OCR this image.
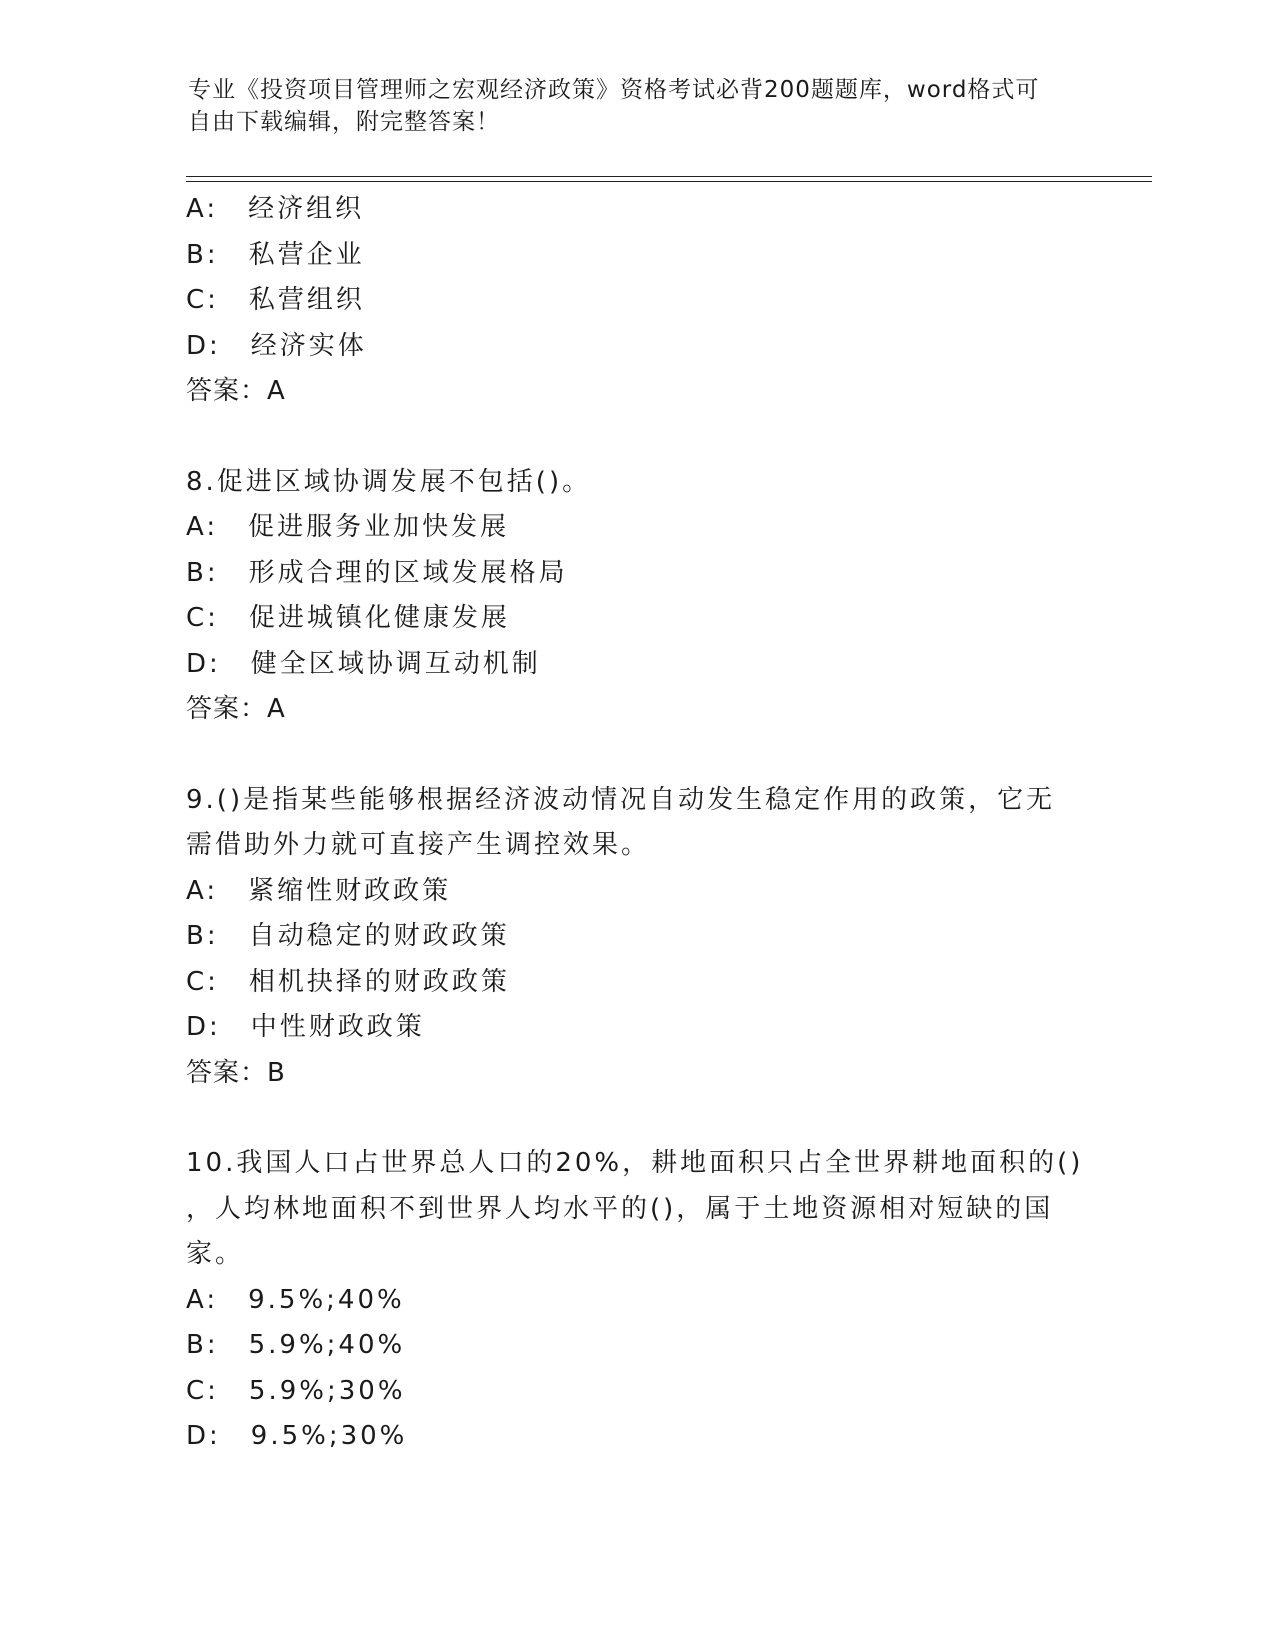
专业《投资项目管理师之宏观经济政策》资格考试必背200题题库，word格式可
自由下载编辑，附完整答案！
A: 经济组织
B: 私营企业
C: 私营组织
D: 经济实体
答案：A
8.促进区域协调发展不包括()。
A: 促进服务业加快发展
B: 形成合理的区域发展格局
C: 促进城镇化健康发展
D: 健全区域协调互动机制
答案：A
9.()是指某些能够根据经济波动情况自动发生稳定作用的政策，它无
需借助外力就可直接产生调控效果。
A: 紧缩性财政政策
B: 自动稳定的财政政策
C: 相机抉择的财政政策
D: 中性财政政策
答案：B
10.我国人口占世界总人口的20%，耕地面积只占全世界耕地面积的()
，人均林地面积不到世界人均水平的()，属于土地资源相对短缺的国
家。
A: 9.5%;40%
B: 5.9%;40%
C: 5.9%;30%
D: 9.5%;30%
